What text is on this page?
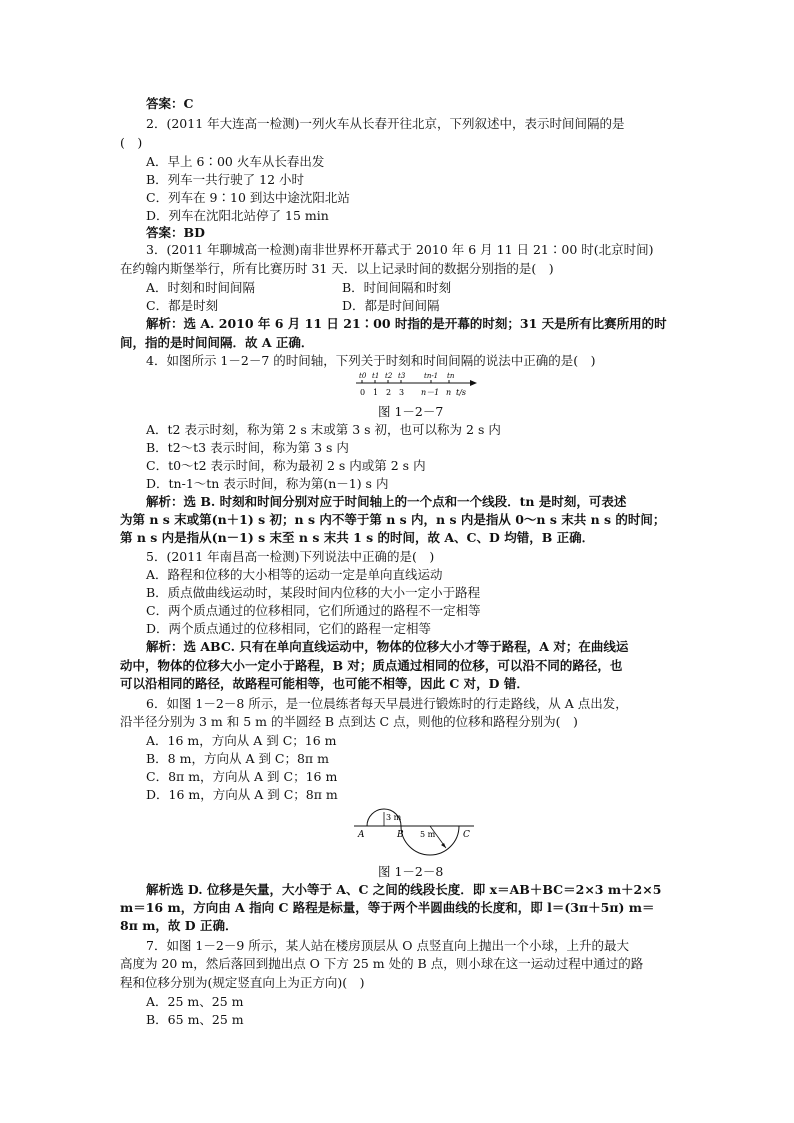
答案：C
2．(2011 年大连高一检测)一列火车从长春开往北京，下列叙述中，表示时间间隔的是
(　)
A．早上 6∶00 火车从长春出发
B．列车一共行驶了 12 小时
C．列车在 9∶10 到达中途沈阳北站
D．列车在沈阳北站停了 15 min
答案：BD
3．(2011 年聊城高一检测)南非世界杯开幕式于 2010 年 6 月 11 日 21∶00 时(北京时间)
在约翰内斯堡举行，所有比赛历时 31 天．以上记录时间的数据分别指的是(　)
A．时刻和时间间隔	B．时间间隔和时刻
C．都是时刻	D．都是时间间隔
解析：选 A. 2010 年 6 月 11 日 21∶00 时指的是开幕的时刻；31 天是所有比赛所用的时
间，指的是时间间隔．故 A 正确．
4．如图所示 1－2－7 的时间轴，下列关于时刻和时间间隔的说法中正确的是(　)
t0 t1 t2 t3	tn-1 tn
0 1 2 3 n－1 n t/s
图 1－2－7
A．t2 表示时刻，称为第 2 s 末或第 3 s 初，也可以称为 2 s 内
B．t2～t3 表示时间，称为第 3 s 内
C．t0～t2 表示时间，称为最初 2 s 内或第 2 s 内
D．tn-1～tn 表示时间，称为第(n－1) s 内
解析：选 B. 时刻和时间分别对应于时间轴上的一个点和一个线段．tn 是时刻，可表述
为第 n s 末或第(n＋1) s 初；n s 内不等于第 n s 内，n s 内是指从 0～n s 末共 n s 的时间；
第 n s 内是指从(n－1) s 末至 n s 末共 1 s 的时间，故 A、C、D 均错，B 正确．
5．(2011 年南昌高一检测)下列说法中正确的是(　)
A．路程和位移的大小相等的运动一定是单向直线运动
B．质点做曲线运动时，某段时间内位移的大小一定小于路程
C．两个质点通过的位移相同，它们所通过的路程不一定相等
D．两个质点通过的位移相同，它们的路程一定相等
解析：选 ABC. 只有在单向直线运动中，物体的位移大小才等于路程，A 对；在曲线运
动中，物体的位移大小一定小于路程，B 对；质点通过相同的位移，可以沿不同的路径，也
可以沿相同的路径，故路程可能相等，也可能不相等，因此 C 对，D 错．
6．如图 1－2－8 所示，是一位晨练者每天早晨进行锻炼时的行走路线，从 A 点出发，
沿半径分别为 3 m 和 5 m 的半圆经 B 点到达 C 点，则他的位移和路程分别为(　)
A．16 m，方向从 A 到 C；16 m
B．8 m，方向从 A 到 C；8π m
C．8π m，方向从 A 到 C；16 m
D．16 m，方向从 A 到 C；8π m
A	B	C
3 m
5 m
图 1－2－8
解析选 D. 位移是矢量，大小等于 A、C 之间的线段长度．即 x＝AB＋BC＝2×3 m＋2×5
m＝16 m，方向由 A 指向 C 路程是标量，等于两个半圆曲线的长度和，即 l＝(3π＋5π) m＝
8π m，故 D 正确．
7．如图 1－2－9 所示，某人站在楼房顶层从 O 点竖直向上抛出一个小球，上升的最大
高度为 20 m，然后落回到抛出点 O 下方 25 m 处的 B 点，则小球在这一运动过程中通过的路
程和位移分别为(规定竖直向上为正方向)(　)
A．25 m、25 m
B．65 m、25 m
